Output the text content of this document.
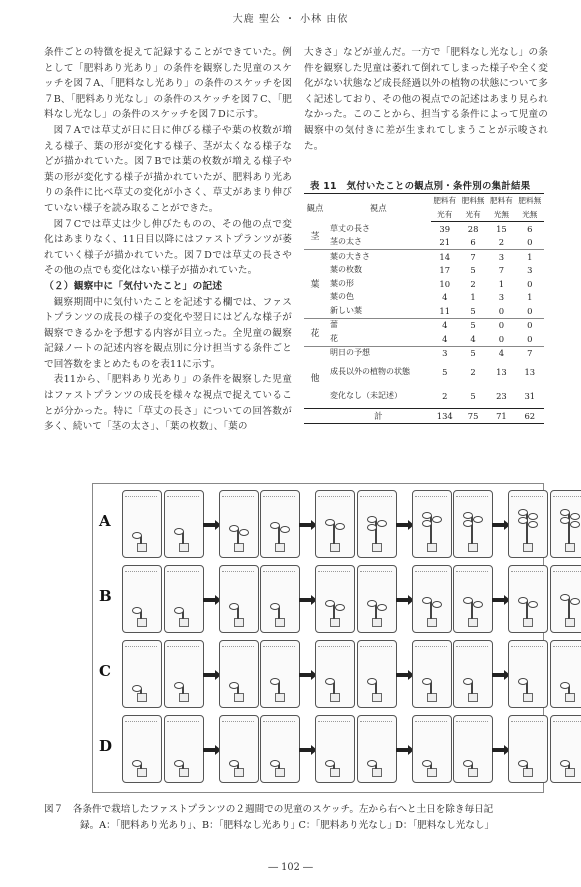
大鹿 聖公 ・ 小林 由依

条件ごとの特徴を捉えて記録することができていた。例として「肥料あり光あり」の条件を観察した児童のスケッチを図７A、「肥料なし光あり」の条件のスケッチを図７B、「肥料あり光なし」の条件のスケッチを図７C、「肥料なし光なし」の条件のスケッチを図７Dに示す。

図７Aでは草丈が日に日に伸びる様子や葉の枚数が増える様子、葉の形が変化する様子、茎が太くなる様子などが描かれていた。図７Bでは葉の枚数が増える様子や葉の形が変化する様子が描かれていたが、肥料あり光ありの条件に比べ草丈の変化が小さく、草丈があまり伸びていない様子を読み取ることができた。

図７Cでは草丈は少し伸びたものの、その他の点で変化はあまりなく、11日目以降にはファストプランツが萎れていく様子が描かれていた。図７Dでは草丈の長さやその他の点でも変化はない様子が描かれていた。

（２）観察中に「気付いたこと」の記述

観察期間中に気付いたことを記述する欄では、ファストプランツの成長の様子の変化や翌日にはどんな様子が観察できるかを予想する内容が目立った。全児童の観察記録ノートの記述内容を観点別に分け担当する条件ごとで回答数をまとめたものを表11に示す。

表11から、「肥料あり光あり」の条件を観察した児童はファストプランツの成長を様々な視点で捉えていることが分かった。特に「草丈の長さ」についての回答数が多く、続いて「茎の太さ」、「葉の枚数」、「葉の

大きさ」などが並んだ。一方で「肥料なし光なし」の条件を観察した児童は萎れて倒れてしまった様子や全く変化がない状態など成長経過以外の植物の状態について多く記述しており、その他の視点での記述はあまり見られなかった。このことから、担当する条件によって児童の観察中の気付きに差が生まれてしまうことが示唆された。

表 11　気付いたことの観点別・条件別の集計結果
観点	視点	肥料有	肥料無	肥料有	肥料無
		光有	光有	光無	光無
茎	草丈の長さ	39	28	15	6
	茎の太さ	21	6	2	0
葉	葉の大きさ	14	7	3	1
	葉の枚数	17	5	7	3
	葉の形	10	2	1	0
	葉の色	4	1	3	1
	新しい葉	11	5	0	0
花	蕾	4	5	0	0
	花	4	4	0	0
他	明日の予想	3	5	4	7
	成長以外の植物の状態	5	2	13	13
	変化なし（未記述）	2	5	23	31
	計	134	75	71	62
A
B
C
D
図７　各条件で栽培したファストプランツの２週間での児童のスケッチ。左から右へと土日を除き毎日記
録。A：｢肥料あり光あり｣、B：｢肥料なし光あり｣ C：｢肥料あり光なし｣ D：｢肥料なし光なし｣
― 102 ―
